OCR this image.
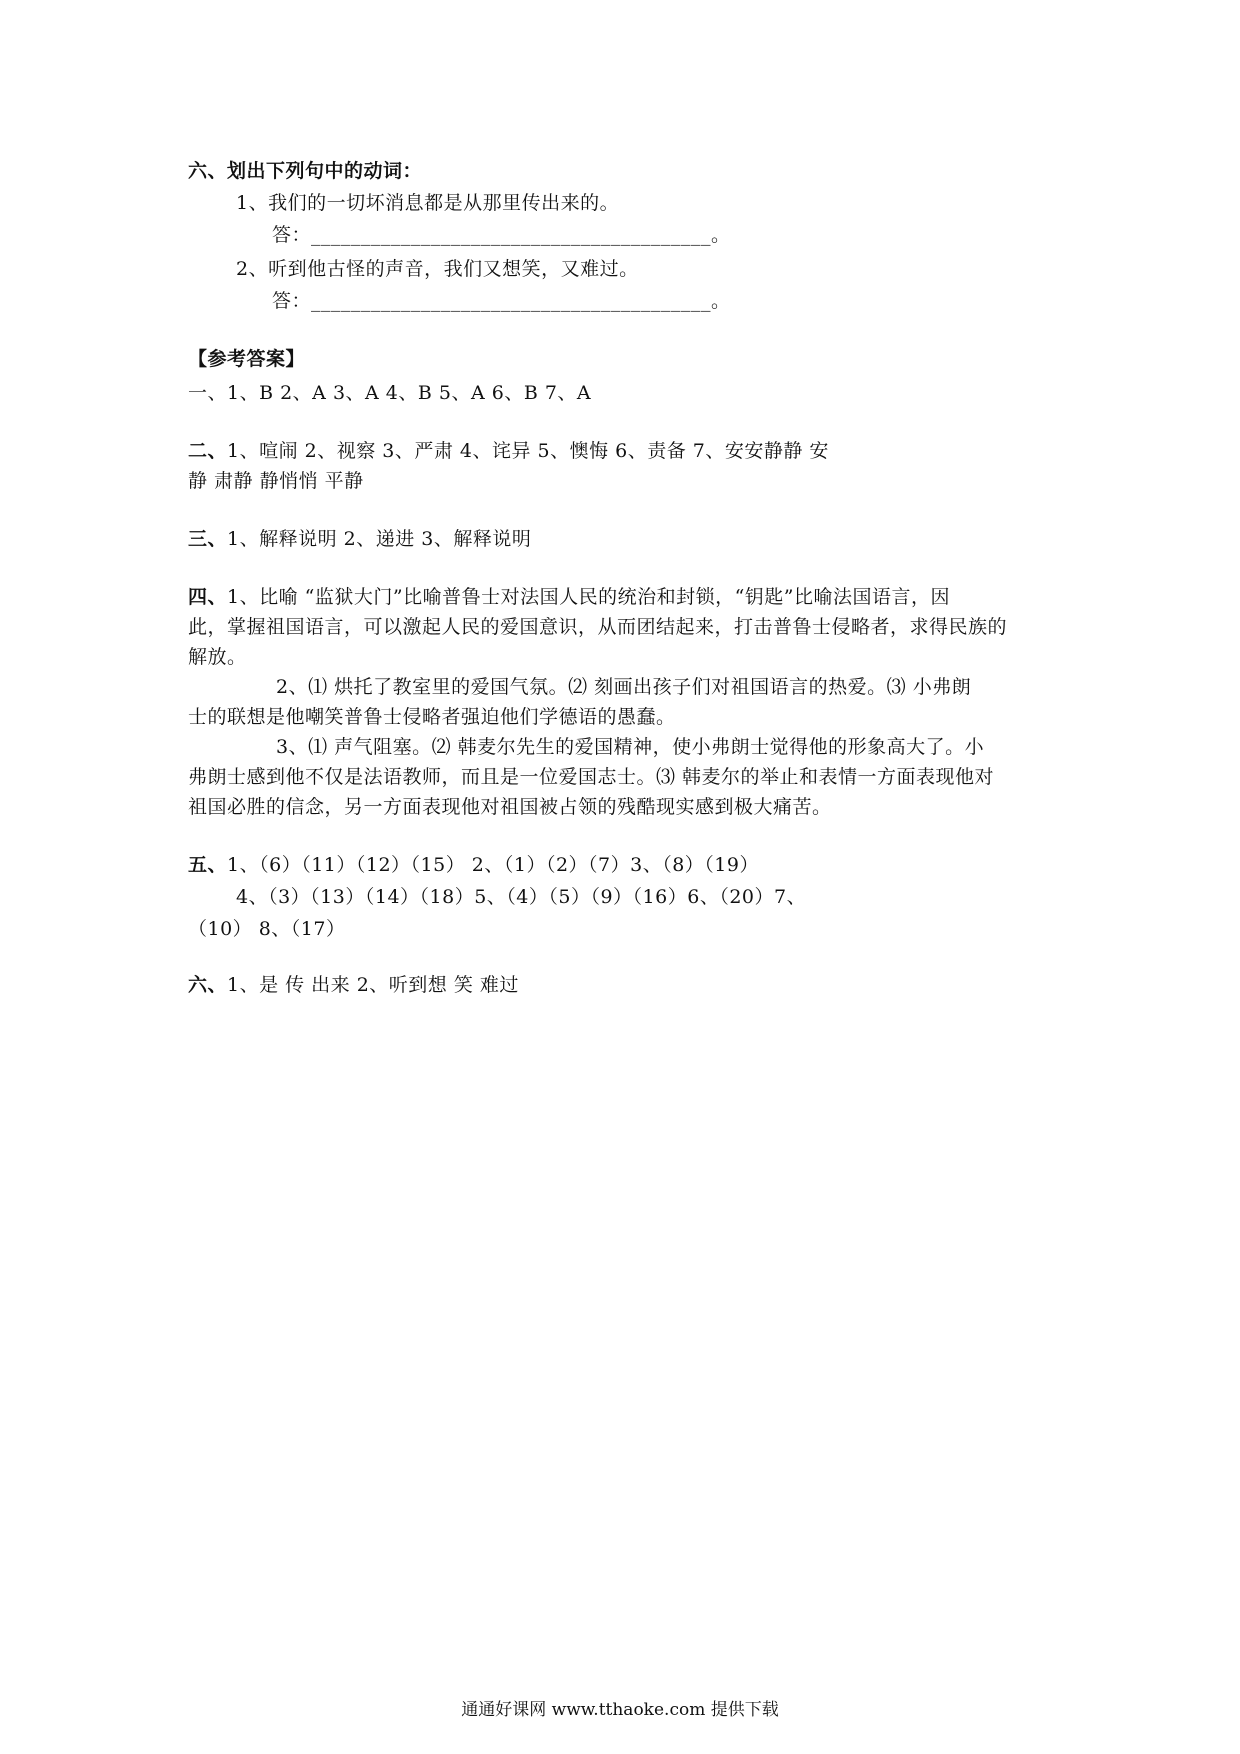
六、划出下列句中的动词：
1、我们的一切坏消息都是从那里传出来的。
答：________________________________________。
2、听到他古怪的声音，我们又想笑，又难过。
答：________________________________________。
【参考答案】
一、1、B 2、A 3、A 4、B 5、A 6、B 7、A
二、1、喧闹 2、视察 3、严肃 4、诧异 5、懊悔 6、责备 7、安安静静 安
静 肃静 静悄悄 平静
三、1、解释说明 2、递进 3、解释说明
四、1、比喻 “监狱大门”比喻普鲁士对法国人民的统治和封锁，“钥匙”比喻法国语言，因
此，掌握祖国语言，可以激起人民的爱国意识，从而团结起来，打击普鲁士侵略者，求得民族的
解放。
2、⑴ 烘托了教室里的爱国气氛。⑵ 刻画出孩子们对祖国语言的热爱。⑶ 小弗朗
士的联想是他嘲笑普鲁士侵略者强迫他们学德语的愚蠢。
3、⑴ 声气阻塞。⑵ 韩麦尔先生的爱国精神，使小弗朗士觉得他的形象高大了。小
弗朗士感到他不仅是法语教师，而且是一位爱国志士。⑶ 韩麦尔的举止和表情一方面表现他对
祖国必胜的信念，另一方面表现他对祖国被占领的残酷现实感到极大痛苦。
五、1、（6）（11）（12）（15） 2、（1）（2）（7）3、（8）（19）
4、（3）（13）（14）（18）5、（4）（5）（9）（16）6、（20）7、
（10） 8、（17）
六、1、是 传 出来 2、听到想 笑 难过
通通好课网 www.tthaoke.com 提供下载
